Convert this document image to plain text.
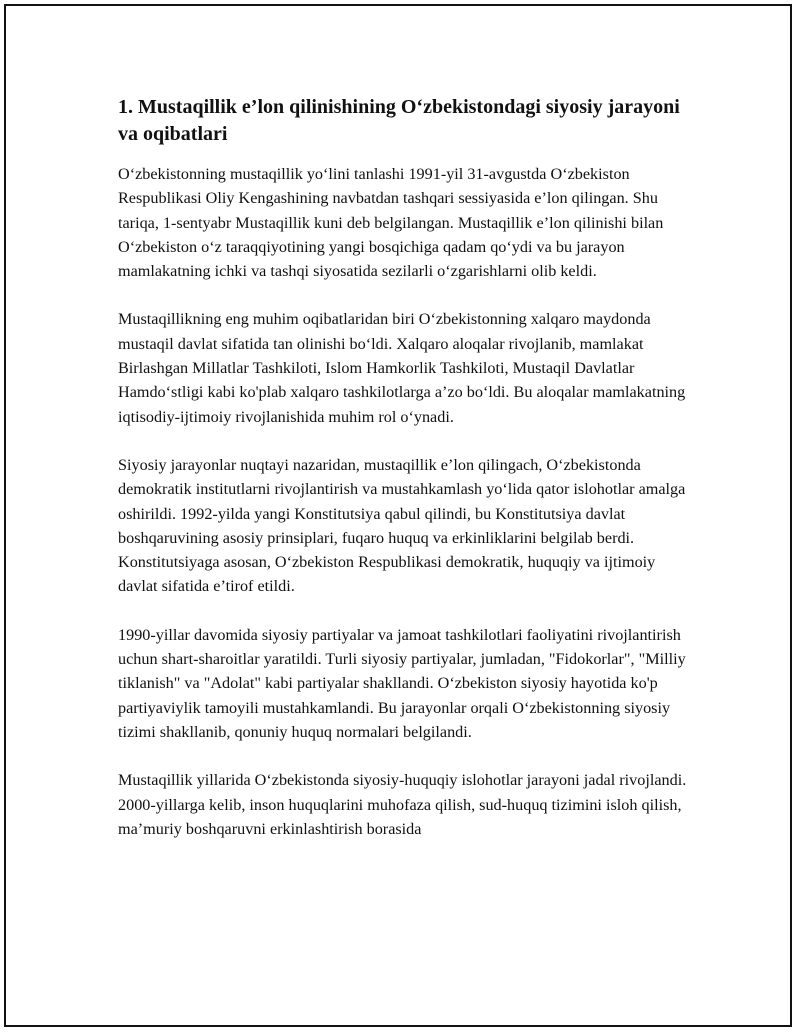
1. Mustaqillik e’lon qilinishining O‘zbekistondagi siyosiy jarayoni va oqibatlari

O‘zbekistonning mustaqillik yo‘lini tanlashi 1991-yil 31-avgustda O‘zbekiston Respublikasi Oliy Kengashining navbatdan tashqari sessiyasida e’lon qilingan. Shu tariqa, 1-sentyabr Mustaqillik kuni deb belgilangan. Mustaqillik e’lon qilinishi bilan O‘zbekiston o‘z taraqqiyotining yangi bosqichiga qadam qo‘ydi va bu jarayon mamlakatning ichki va tashqi siyosatida sezilarli o‘zgarishlarni olib keldi.

Mustaqillikning eng muhim oqibatlaridan biri O‘zbekistonning xalqaro maydonda mustaqil davlat sifatida tan olinishi bo‘ldi. Xalqaro aloqalar rivojlanib, mamlakat Birlashgan Millatlar Tashkiloti, Islom Hamkorlik Tashkiloti, Mustaqil Davlatlar Hamdo‘stligi kabi ko'plab xalqaro tashkilotlarga a’zo bo‘ldi. Bu aloqalar mamlakatning iqtisodiy-ijtimoiy rivojlanishida muhim rol o‘ynadi.

Siyosiy jarayonlar nuqtayi nazaridan, mustaqillik e’lon qilingach, O‘zbekistonda demokratik institutlarni rivojlantirish va mustahkamlash yo‘lida qator islohotlar amalga oshirildi. 1992-yilda yangi Konstitutsiya qabul qilindi, bu Konstitutsiya davlat boshqaruvining asosiy prinsiplari, fuqaro huquq va erkinliklarini belgilab berdi. Konstitutsiyaga asosan, O‘zbekiston Respublikasi demokratik, huquqiy va ijtimoiy davlat sifatida e’tirof etildi.

1990-yillar davomida siyosiy partiyalar va jamoat tashkilotlari faoliyatini rivojlantirish uchun shart-sharoitlar yaratildi. Turli siyosiy partiyalar, jumladan, "Fidokorlar", "Milliy tiklanish" va "Adolat" kabi partiyalar shakllandi. O‘zbekiston siyosiy hayotida ko'p partiyaviylik tamoyili mustahkamlandi. Bu jarayonlar orqali O‘zbekistonning siyosiy tizimi shakllanib, qonuniy huquq normalari belgilandi.

Mustaqillik yillarida O‘zbekistonda siyosiy-huquqiy islohotlar jarayoni jadal rivojlandi. 2000-yillarga kelib, inson huquqlarini muhofaza qilish, sud-huquq tizimini isloh qilish, ma’muriy boshqaruvni erkinlashtirish borasida
